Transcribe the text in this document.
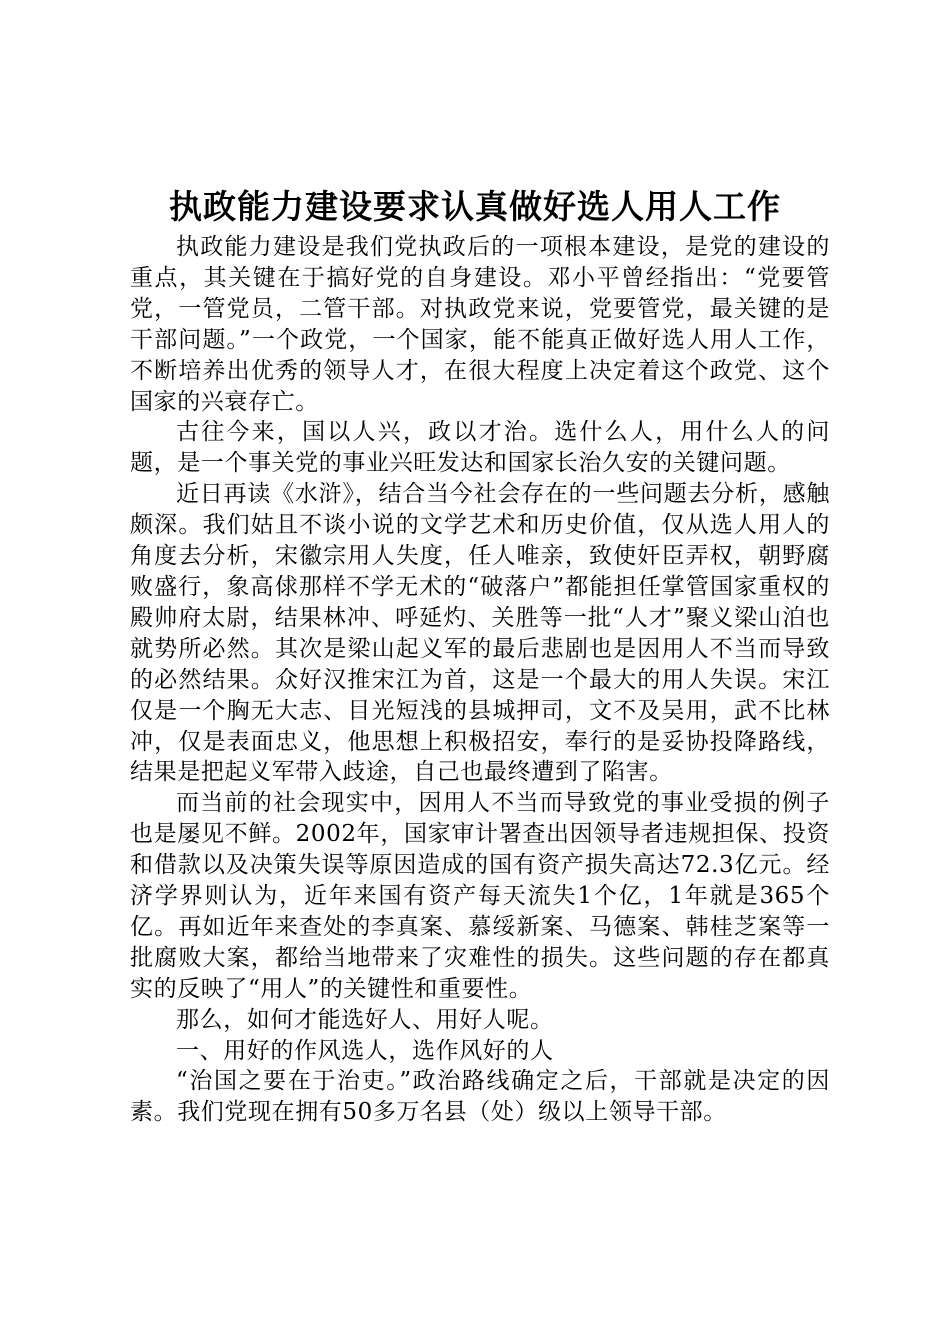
执政能力建设要求认真做好选人用人工作

执政能力建设是我们党执政后的一项根本建设，是党的建设的重点，其关键在于搞好党的自身建设。邓小平曾经指出：“党要管党，一管党员，二管干部。对执政党来说，党要管党，最关键的是干部问题。”一个政党，一个国家，能不能真正做好选人用人工作，不断培养出优秀的领导人才，在很大程度上决定着这个政党、这个国家的兴衰存亡。

古往今来，国以人兴，政以才治。选什么人，用什么人的问题，是一个事关党的事业兴旺发达和国家长治久安的关键问题。

近日再读《水浒》，结合当今社会存在的一些问题去分析，感触颇深。我们姑且不谈小说的文学艺术和历史价值，仅从选人用人的角度去分析，宋徽宗用人失度，任人唯亲，致使奸臣弄权，朝野腐败盛行，象高俅那样不学无术的“破落户”都能担任掌管国家重权的殿帅府太尉，结果林冲、呼延灼、关胜等一批“人才”聚义梁山泊也就势所必然。其次是梁山起义军的最后悲剧也是因用人不当而导致的必然结果。众好汉推宋江为首，这是一个最大的用人失误。宋江仅是一个胸无大志、目光短浅的县城押司，文不及吴用，武不比林冲，仅是表面忠义，他思想上积极招安，奉行的是妥协投降路线，结果是把起义军带入歧途，自己也最终遭到了陷害。

而当前的社会现实中，因用人不当而导致党的事业受损的例子也是屡见不鲜。2002年，国家审计署查出因领导者违规担保、投资和借款以及决策失误等原因造成的国有资产损失高达72.3亿元。经济学界则认为，近年来国有资产每天流失1个亿，1年就是365个亿。再如近年来查处的李真案、慕绥新案、马德案、韩桂芝案等一批腐败大案，都给当地带来了灾难性的损失。这些问题的存在都真实的反映了“用人”的关键性和重要性。

那么，如何才能选好人、用好人呢。

一、用好的作风选人，选作风好的人

“治国之要在于治吏。”政治路线确定之后，干部就是决定的因素。我们党现在拥有50多万名县（处）级以上领导干部。
